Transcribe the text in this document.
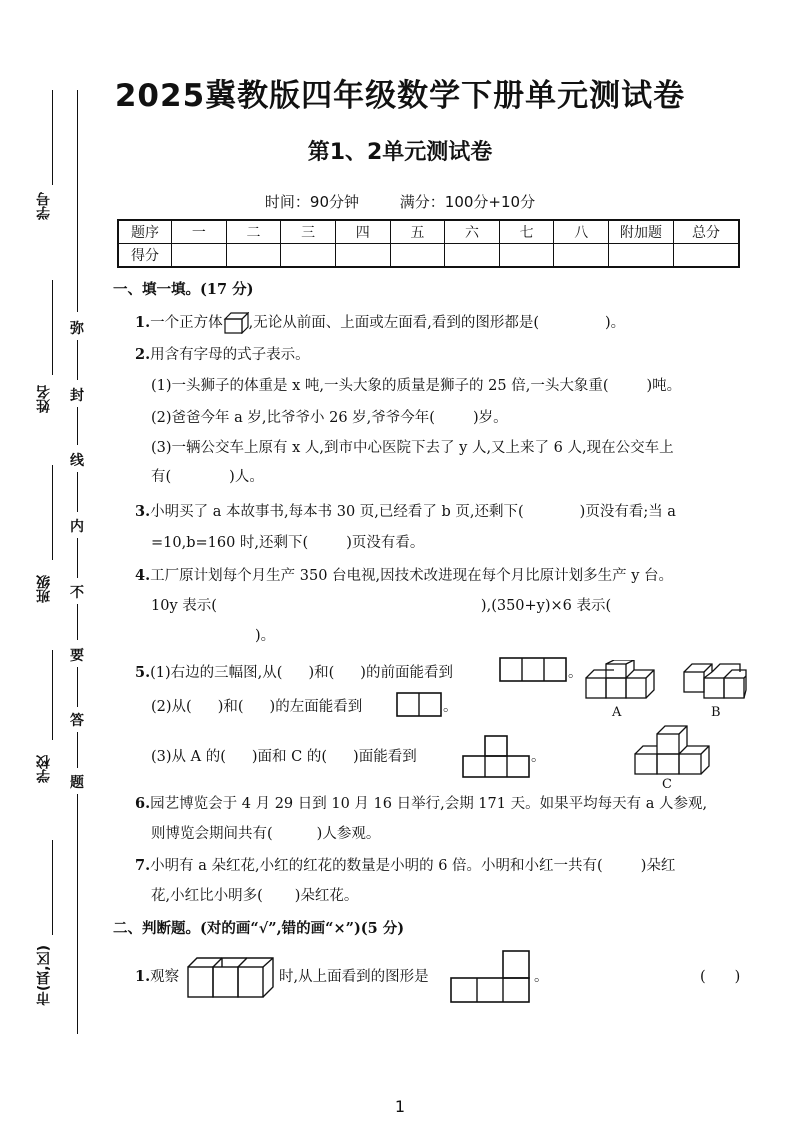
2025冀教版四年级数学下册单元测试卷
第1、2单元测试卷
时间：90分钟	满分：100分+10分
题序	一	二	三	四	五	六	七	八	附加题	总分
得分										
学号
姓名
班级
学校
市(县,区)
弥
封
线
内
不
要
答
题
一、填一填。(17 分)
1.一个正方体 ,无论从前面、上面或左面看,看到的图形都是(	)。
2.用含有字母的式子表示。
(1)一头狮子的体重是 x 吨,一头大象的质量是狮子的 25 倍,一头大象重(	)吨。
(2)爸爸今年 a 岁,比爷爷小 26 岁,爷爷今年(	)岁。
(3)一辆公交车上原有 x 人,到市中心医院下去了 y 人,又上来了 6 人,现在公交车上
有(	)人。
3.小明买了 a 本故事书,每本书 30 页,已经看了 b 页,还剩下(	)页没有看;当 a
=10,b=160 时,还剩下(	)页没有看。
4.工厂原计划每个月生产 350 台电视,因技术改进现在每个月比原计划多生产 y 台。
10y 表示(	),(350+y)×6 表示(
)。
5.(1)右边的三幅图,从( )和( )的前面能看到	。
(2)从( )和( )的左面能看到	。
(3)从 A 的( )面和 C 的( )面能看到	。
A	B
C
6.园艺博览会于 4 月 29 日到 10 月 16 日举行,会期 171 天。如果平均每天有 a 人参观,
则博览会期间共有(	)人参观。
7.小明有 a 朵红花,小红的红花的数量是小明的 6 倍。小明和小红一共有(	)朵红
花,小红比小明多( )朵红花。
二、判断题。(对的画“√”,错的画“×”)(5 分)
1.观察	时,从上面看到的图形是	。	(　　)
1
